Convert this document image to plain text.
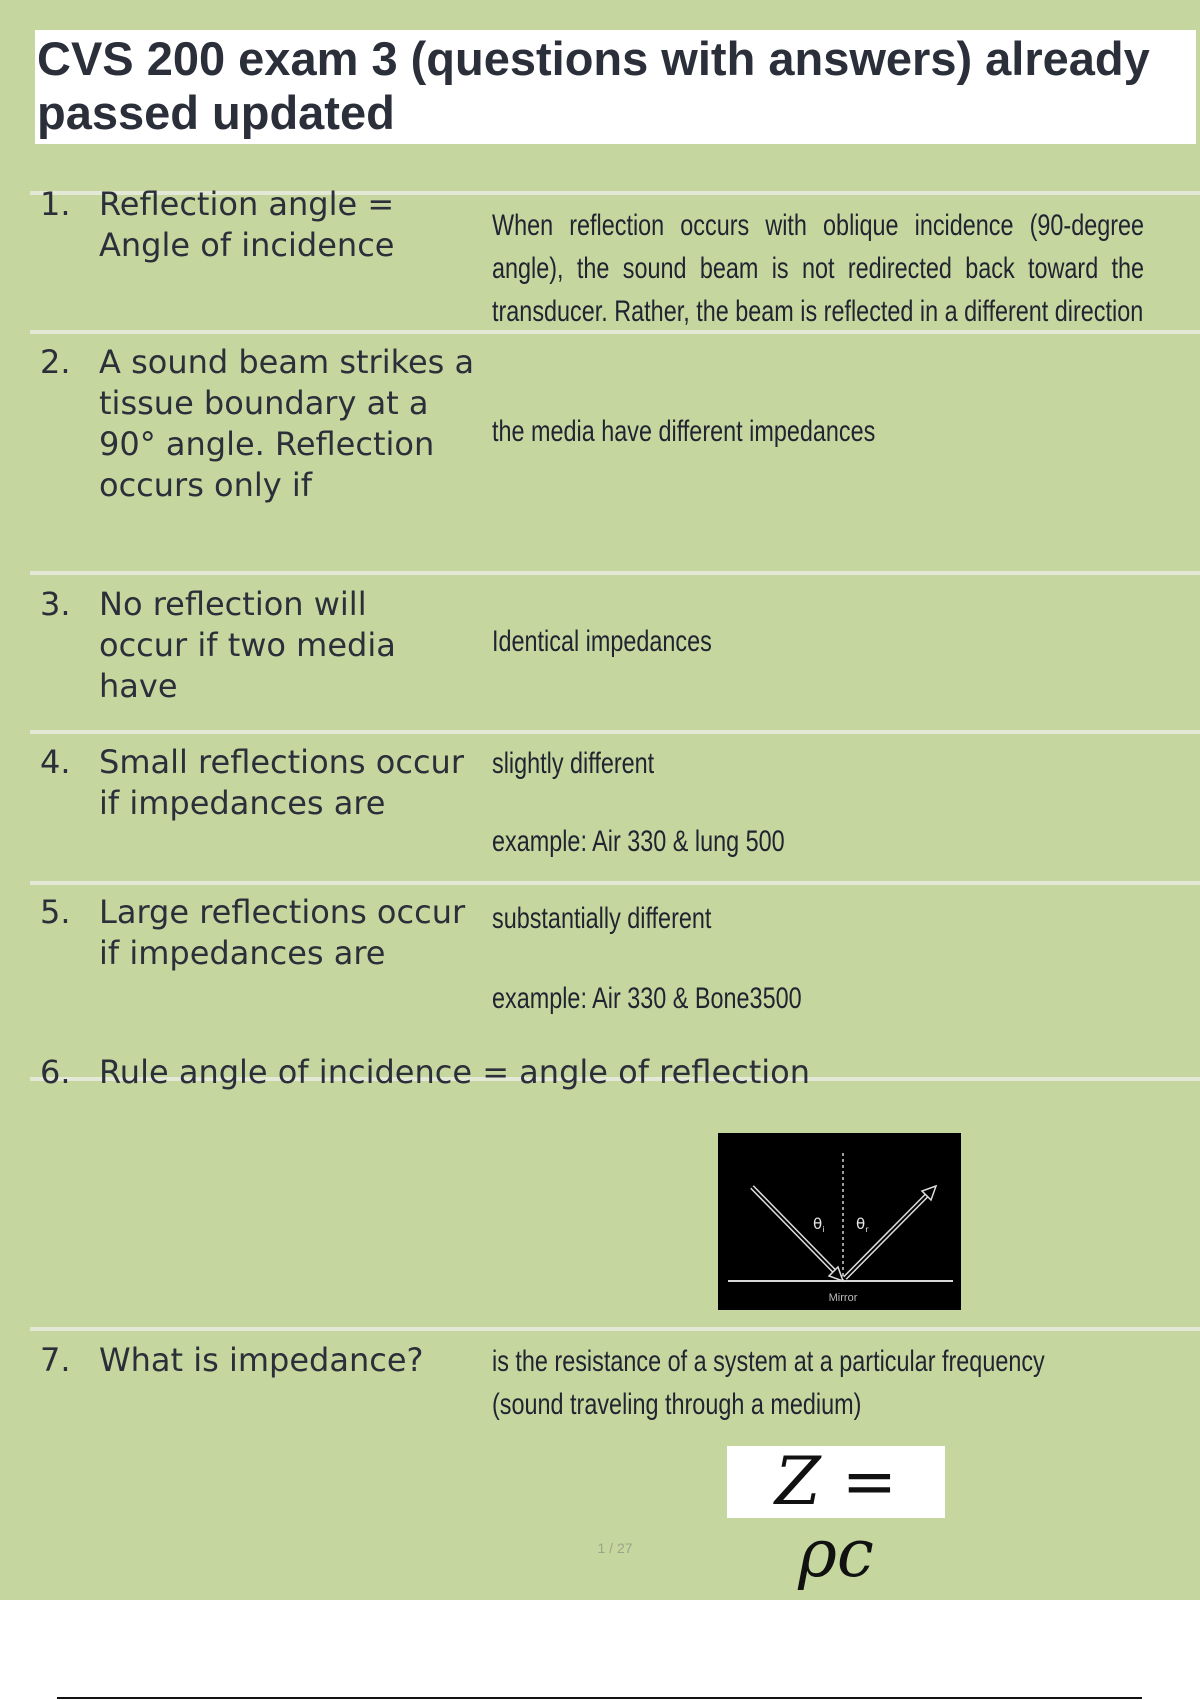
CVS 200 exam 3 (questions with answers) already passed updated
1. Reflection angle = Angle of incidence
When reflection occurs with oblique incidence (90-degree angle), the sound beam is not redirected back toward the transducer. Rather, the beam is reflected in a different direction
2. A sound beam strikes a tissue boundary at a 90° angle. Reflection occurs only if
the media have different impedances
3. No reflection will occur if two media have
Identical impedances
4. Small reflections occur if impedances are
slightly different
example: Air 330 & lung 500
5. Large reflections occur if impedances are
substantially different
example: Air 330 & Bone3500
6. Rule angle of incidence = angle of reflection
$\theta_i$ $\theta_r$
Mirror
7. What is impedance?	is the resistance of a system at a particular frequency (sound traveling through a medium)
Z = ρc
1 / 27
